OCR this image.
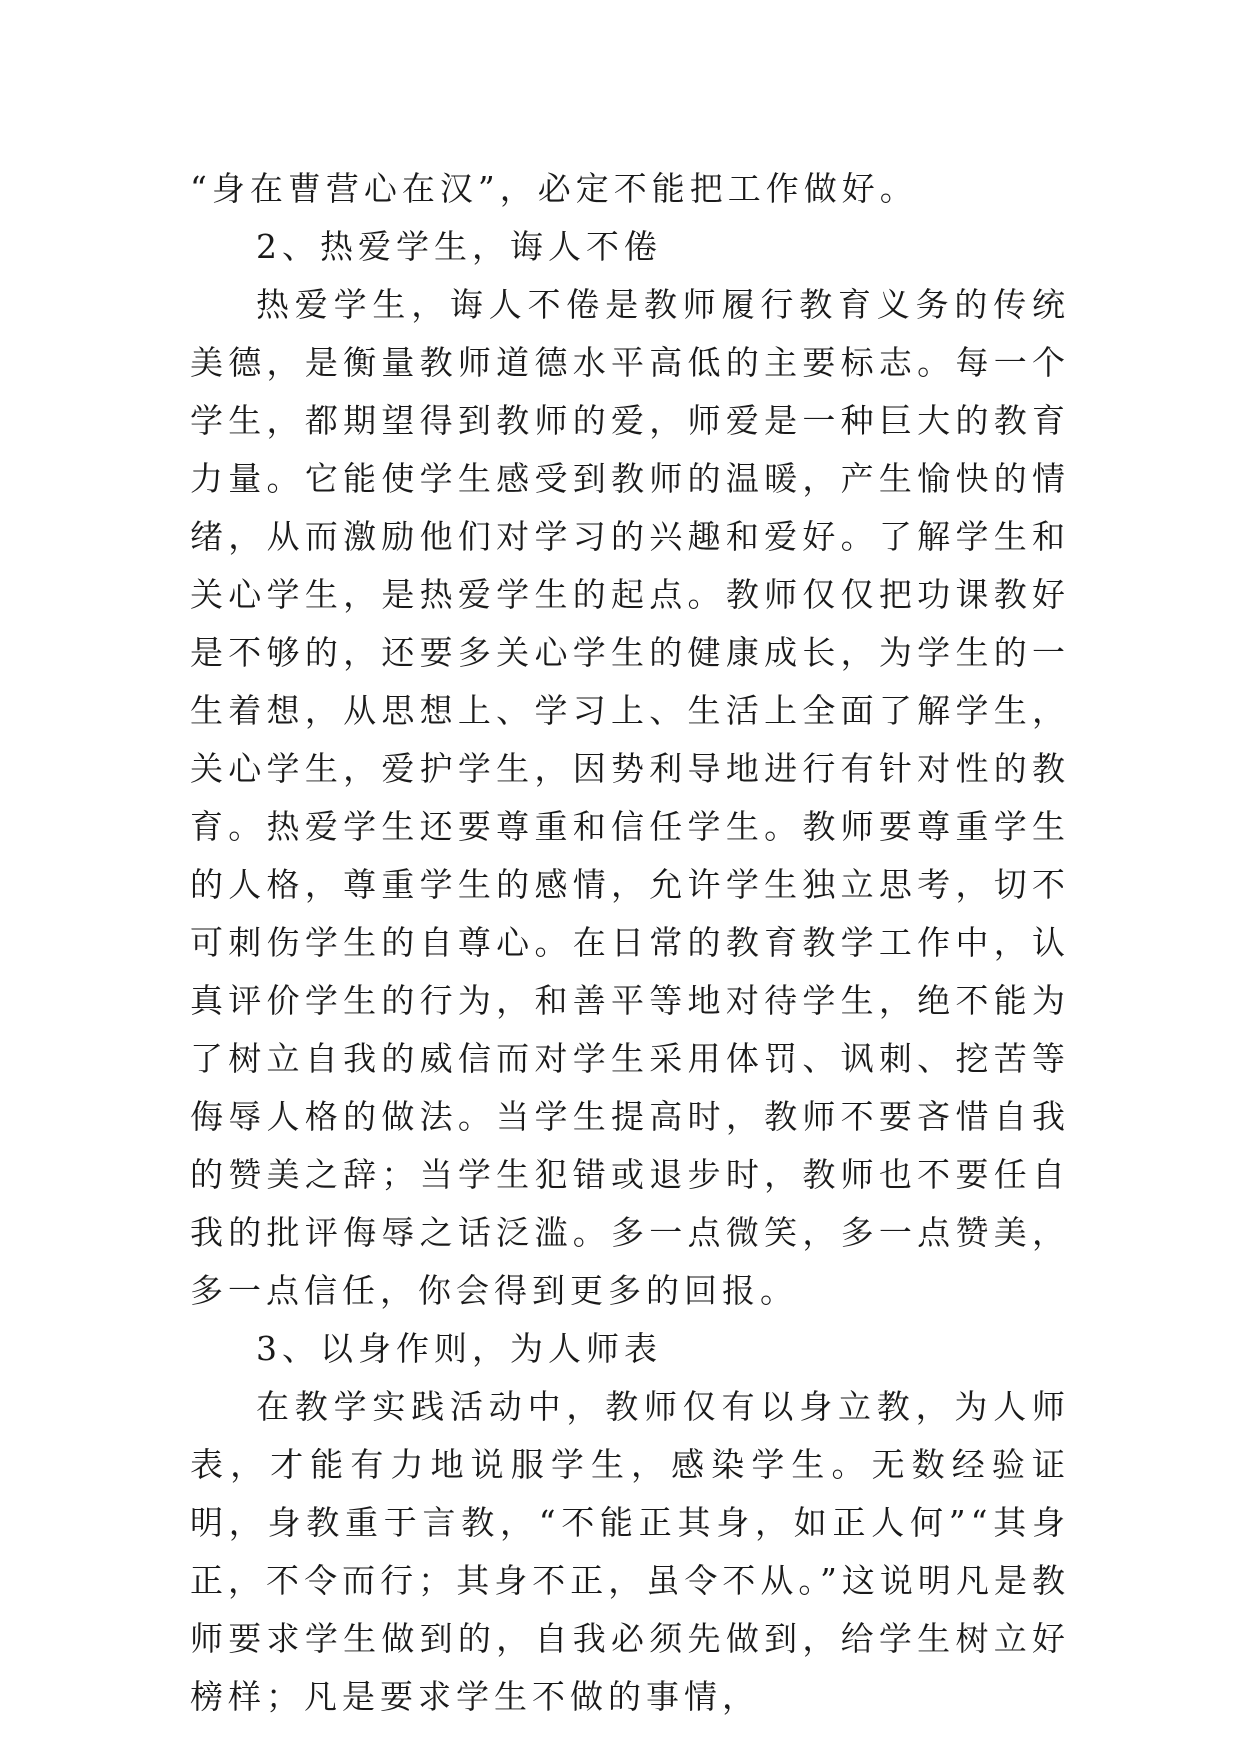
“身在曹营心在汉”，必定不能把工作做好。

2、热爱学生，诲人不倦

热爱学生，诲人不倦是教师履行教育义务的传统美德，是衡量教师道德水平高低的主要标志。每一个学生，都期望得到教师的爱，师爱是一种巨大的教育力量。它能使学生感受到教师的温暖，产生愉快的情绪，从而激励他们对学习的兴趣和爱好。了解学生和关心学生，是热爱学生的起点。教师仅仅把功课教好是不够的，还要多关心学生的健康成长，为学生的一生着想，从思想上、学习上、生活上全面了解学生，关心学生，爱护学生，因势利导地进行有针对性的教育。热爱学生还要尊重和信任学生。教师要尊重学生的人格，尊重学生的感情，允许学生独立思考，切不可刺伤学生的自尊心。在日常的教育教学工作中，认真评价学生的行为，和善平等地对待学生，绝不能为了树立自我的威信而对学生采用体罚、讽刺、挖苦等侮辱人格的做法。当学生提高时，教师不要吝惜自我的赞美之辞；当学生犯错或退步时，教师也不要任自我的批评侮辱之话泛滥。多一点微笑，多一点赞美，多一点信任，你会得到更多的回报。

3、以身作则，为人师表

在教学实践活动中，教师仅有以身立教，为人师表，才能有力地说服学生，感染学生。无数经验证明，身教重于言教，“不能正其身，如正人何”“其身正，不令而行；其身不正，虽令不从。”这说明凡是教师要求学生做到的，自我必须先做到，给学生树立好榜样；凡是要求学生不做的事情，
